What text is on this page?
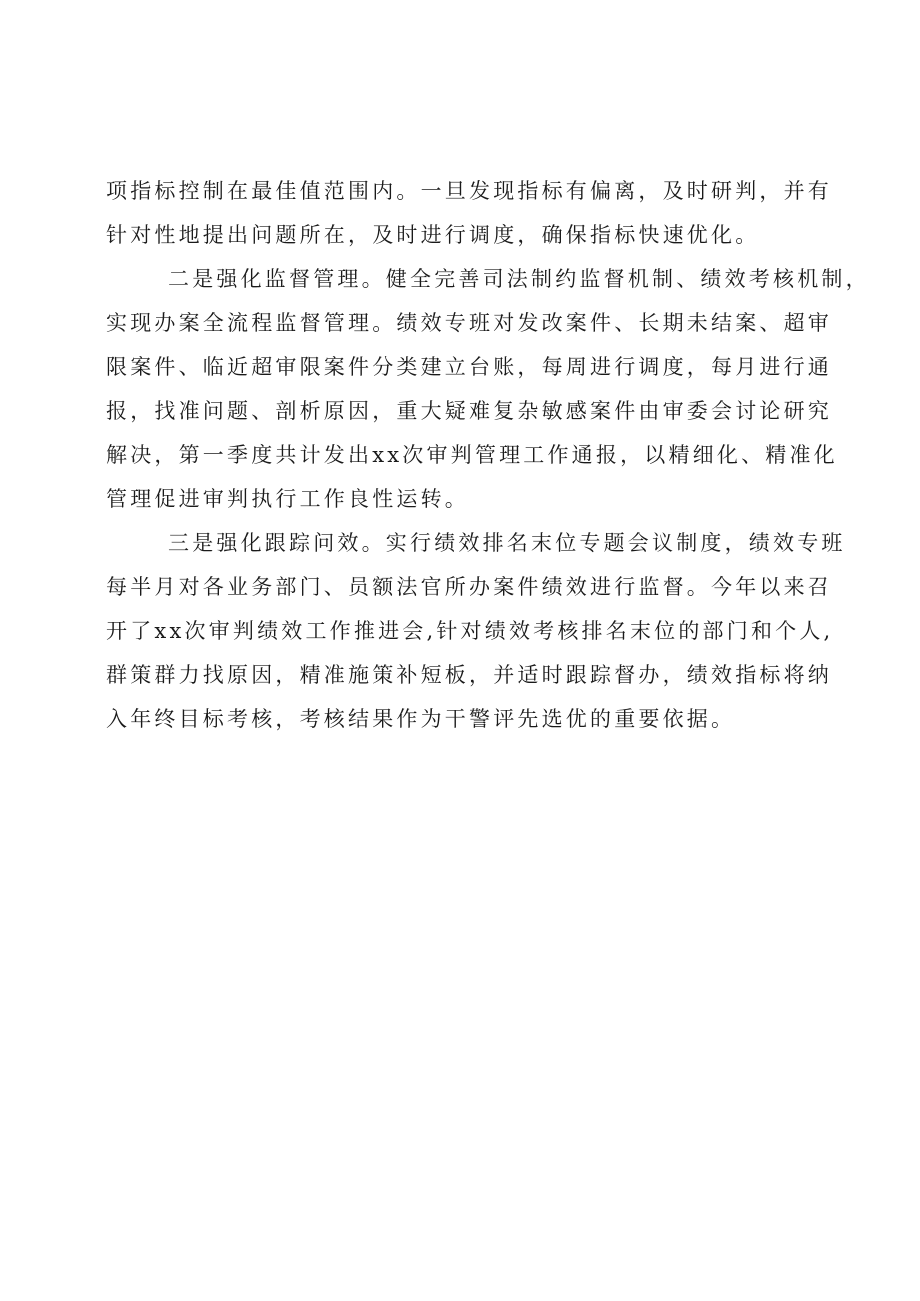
项指标控制在最佳值范围内。一旦发现指标有偏离，及时研判，并有
针对性地提出问题所在，及时进行调度，确保指标快速优化。
二是强化监督管理。健全完善司法制约监督机制、绩效考核机制，
实现办案全流程监督管理。绩效专班对发改案件、长期未结案、超审
限案件、临近超审限案件分类建立台账，每周进行调度，每月进行通
报，找准问题、剖析原因，重大疑难复杂敏感案件由审委会讨论研究
解决，第一季度共计发出xx次审判管理工作通报，以精细化、精准化
管理促进审判执行工作良性运转。
三是强化跟踪问效。实行绩效排名末位专题会议制度，绩效专班
每半月对各业务部门、员额法官所办案件绩效进行监督。今年以来召
开了xx次审判绩效工作推进会,针对绩效考核排名末位的部门和个人,
群策群力找原因，精准施策补短板，并适时跟踪督办，绩效指标将纳
入年终目标考核，考核结果作为干警评先选优的重要依据。
